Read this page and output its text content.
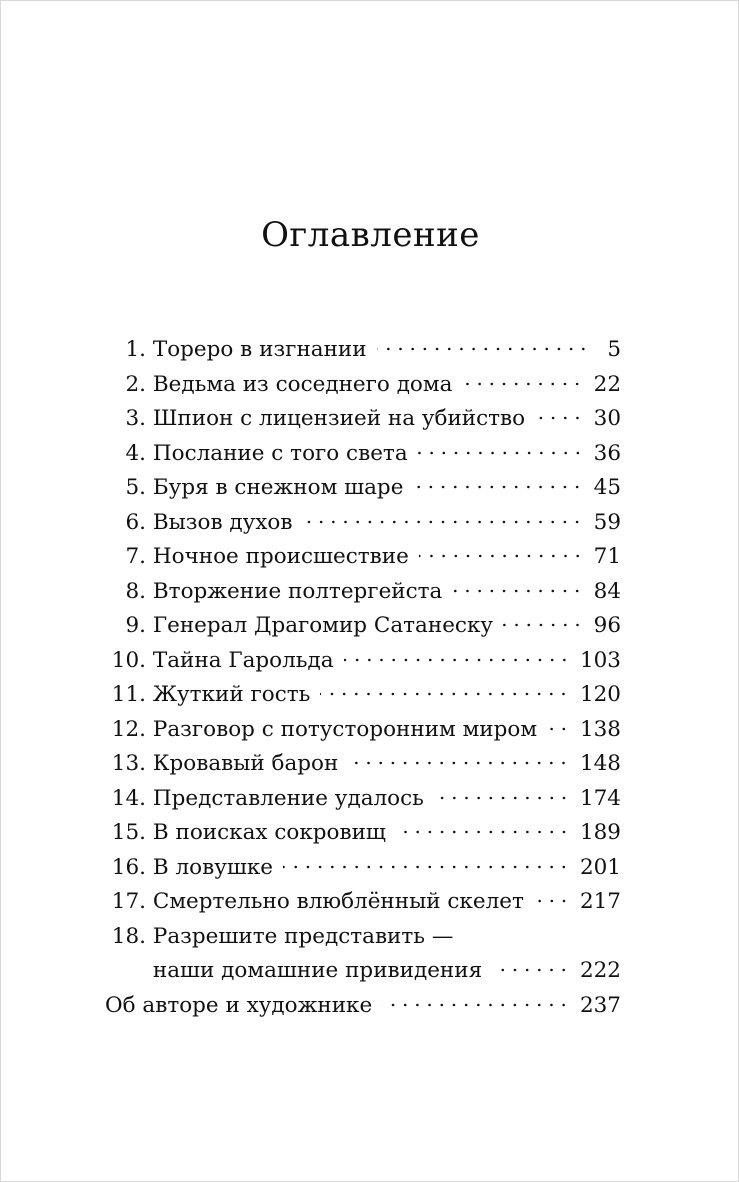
Оглавление
1. Тореро в изгнании	5
2. Ведьма из соседнего дома	22
3. Шпион с лицензией на убийство	30
4. Послание с того света	36
5. Буря в снежном шаре	45
6. Вызов духов	59
7. Ночное происшествие	71
8. Вторжение полтергейста	84
9. Генерал Драгомир Сатанеску	96
10. Тайна Гарольда	103
11. Жуткий гость	120
12. Разговор с потусторонним миром 138
13. Кровавый барон	148
14. Представление удалось	174
15. В поисках сокровищ	189
16. В ловушке	201
17. Смертельно влюблённый скелет	217
18. Разрешите представить —
наши домашние привидения	222
Об авторе и художнике	237
